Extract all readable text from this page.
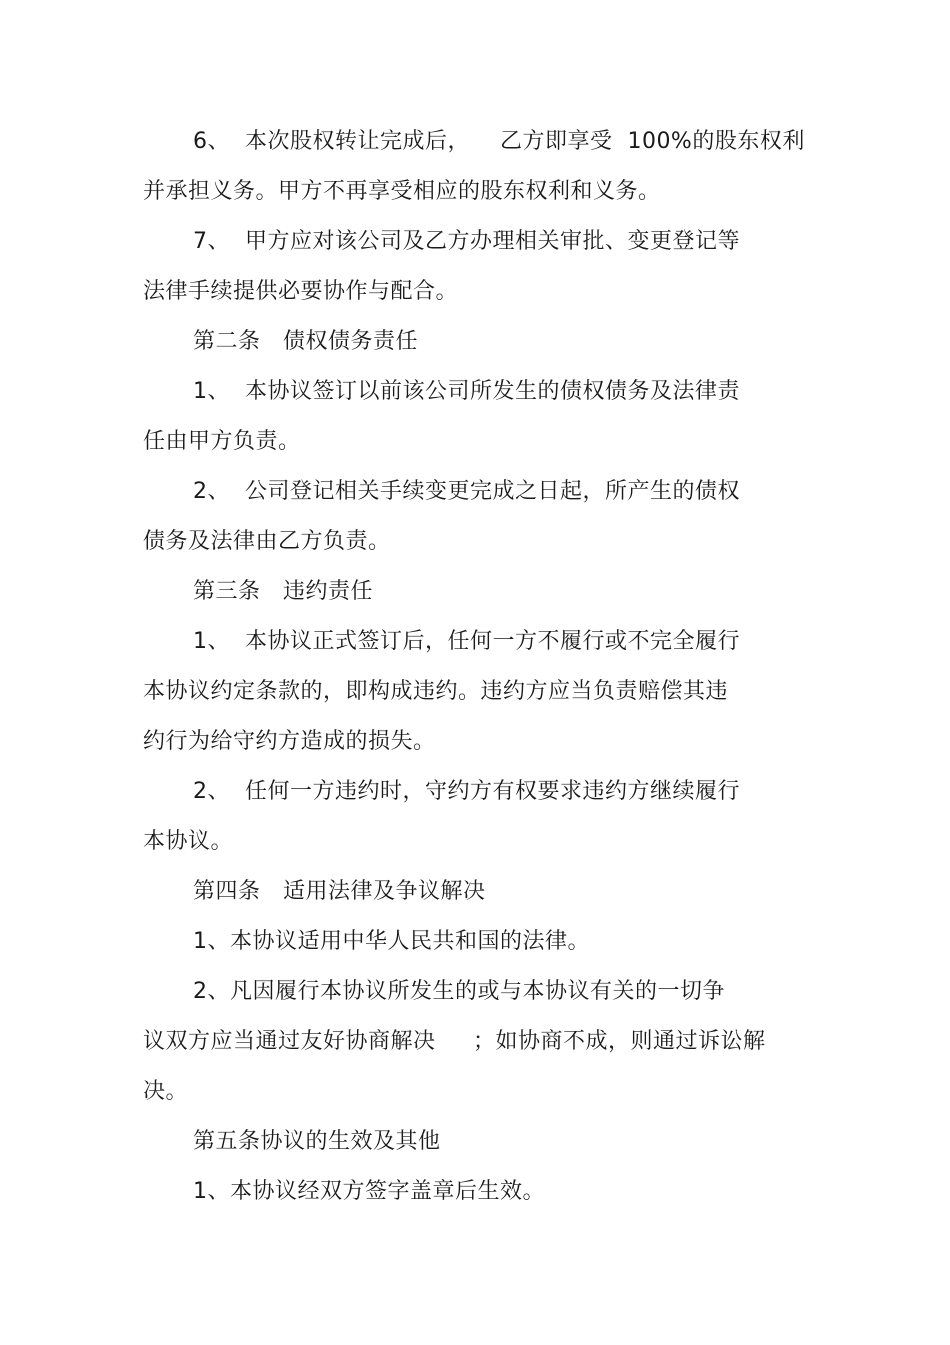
6、  本次股权转让完成后，    乙方即享受  100%的股东权利
并承担义务。甲方不再享受相应的股东权利和义务。
7、  甲方应对该公司及乙方办理相关审批、变更登记等
法律手续提供必要协作与配合。
第二条   债权债务责任
1、  本协议签订以前该公司所发生的债权债务及法律责
任由甲方负责。
2、  公司登记相关手续变更完成之日起，所产生的债权
债务及法律由乙方负责。
第三条   违约责任
1、  本协议正式签订后，任何一方不履行或不完全履行
本协议约定条款的，即构成违约。违约方应当负责赔偿其违
约行为给守约方造成的损失。
2、  任何一方违约时，守约方有权要求违约方继续履行
本协议。
第四条   适用法律及争议解决
1、本协议适用中华人民共和国的法律。
2、凡因履行本协议所发生的或与本协议有关的一切争
议双方应当通过友好协商解决     ；如协商不成，则通过诉讼解
决。
第五条协议的生效及其他
1、本协议经双方签字盖章后生效。
